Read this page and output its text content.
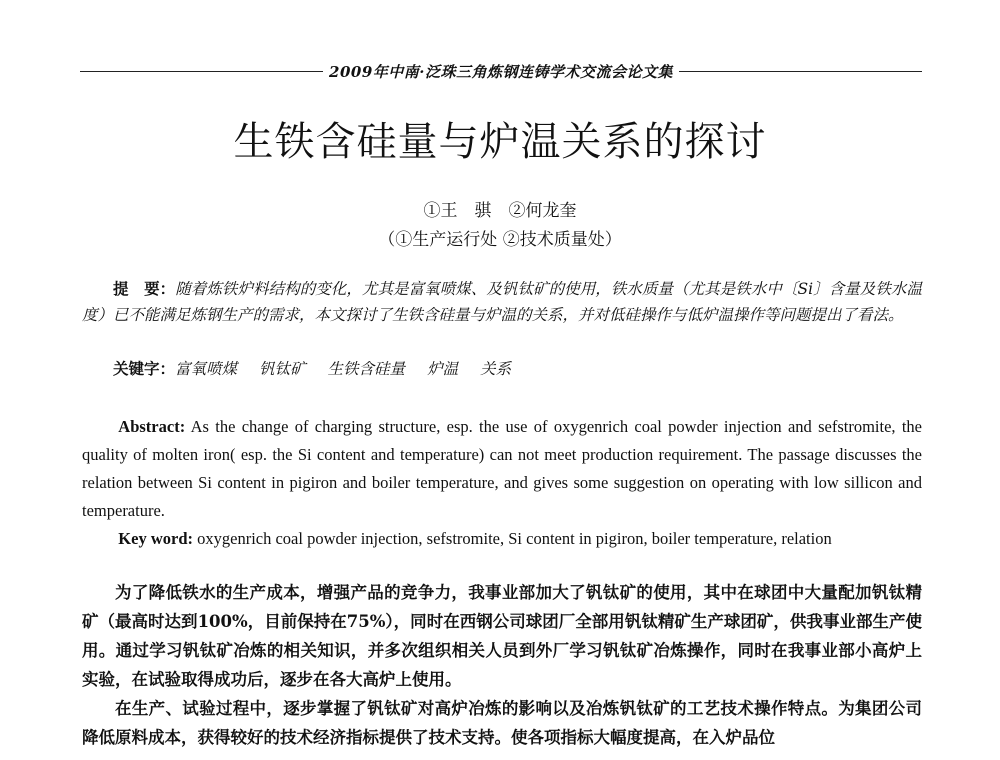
2009年中南·泛珠三角炼钢连铸学术交流会论文集
生铁含硅量与炉温关系的探讨
①王　骐　②何龙奎
（①生产运行处 ②技术质量处）
提　要：随着炼铁炉料结构的变化，尤其是富氧喷煤、及钒钛矿的使用，铁水质量（尤其是铁水中〔Si〕含量及铁水温度）已不能满足炼钢生产的需求，本文探讨了生铁含硅量与炉温的关系，并对低硅操作与低炉温操作等问题提出了看法。
关键字：富氧喷煤 钒钛矿 生铁含硅量 炉温 关系
Abstract: As the change of charging structure, esp. the use of oxygenrich coal powder injection and sefstromite, the quality of molten iron( esp. the Si content and temperature) can not meet production requirement. The passage discusses the relation between Si content in pigiron and boiler temperature, and gives some suggestion on operating with low sillicon and temperature.
Key word: oxygenrich coal powder injection, sefstromite, Si content in pigiron, boiler temperature, relation

为了降低铁水的生产成本，增强产品的竞争力，我事业部加大了钒钛矿的使用，其中在球团中大量配加钒钛精矿（最高时达到100%，目前保持在75%），同时在西钢公司球团厂全部用钒钛精矿生产球团矿，供我事业部生产使用。通过学习钒钛矿冶炼的相关知识，并多次组织相关人员到外厂学习钒钛矿冶炼操作，同时在我事业部小高炉上实验，在试验取得成功后，逐步在各大高炉上使用。

在生产、试验过程中，逐步掌握了钒钛矿对高炉冶炼的影响以及冶炼钒钛矿的工艺技术操作特点。为集团公司降低原料成本，获得较好的技术经济指标提供了技术支持。使各项指标大幅度提高，在入炉品位
